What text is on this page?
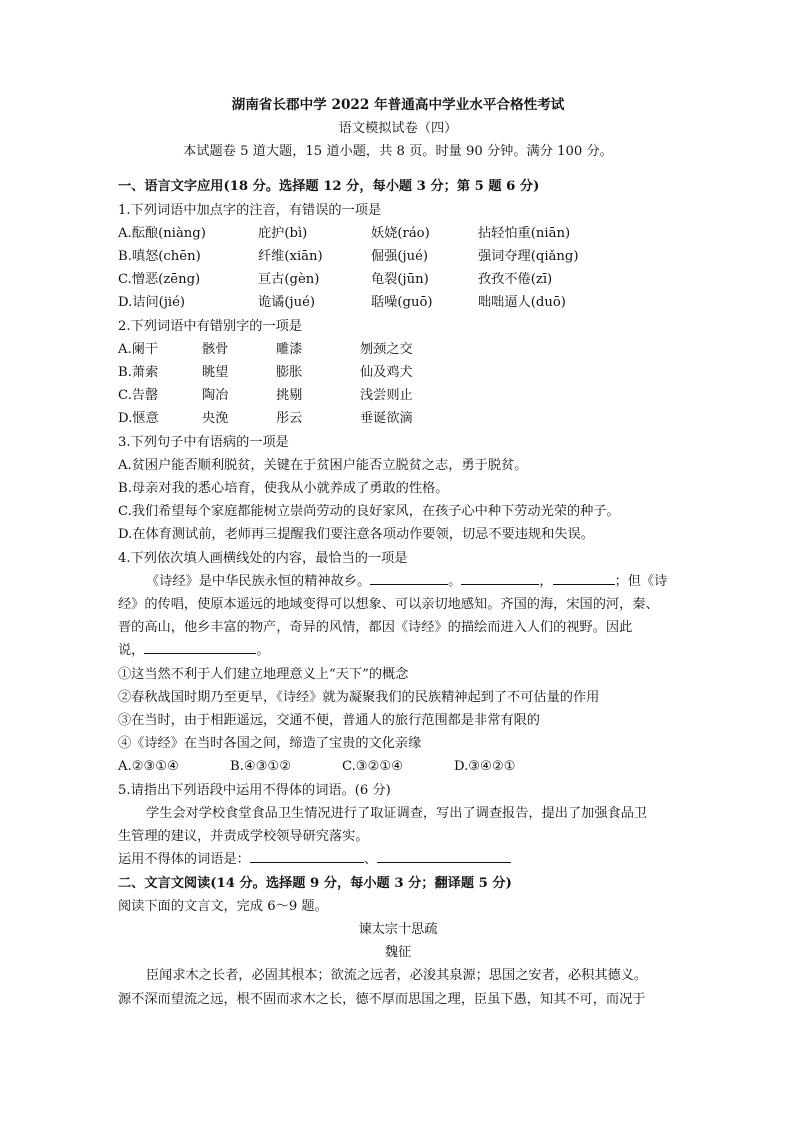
湖南省长郡中学 2022 年普通高中学业水平合格性考试
语文模拟试卷（四）
本试题卷 5 道大题，15 道小题，共 8 页。时量 90 分钟。满分 100 分。
一、语言文字应用(18 分。选择题 12 分，每小题 3 分；第 5 题 6 分)
1.下列词语中加点字的注音，有错误的一项是
A.酝酿(niàng)	庇护(bì)	妖娆(ráo)	拈轻怕重(niān)
B.嗔怒(chēn)	纤维(xiān)	倔强(jué)	强词夺理(qiǎng)
C.憎恶(zēng)	亘古(gèn)	龟裂(jūn)	孜孜不倦(zī)
D.诘问(jié)	诡谲(jué)	聒噪(guō)	咄咄逼人(duō)
2.下列词语中有错别字的一项是
A.阑干	骸骨	雕漆	刎颈之交
B.萧索	眺望	膨胀	仙及鸡犬
C.告罄	陶冶	挑剔	浅尝则止
D.惬意	央浼	彤云	垂诞欲滴
3.下列句子中有语病的一项是
A.贫困户能否顺利脱贫，关键在于贫困户能否立脱贫之志，勇于脱贫。
B.母亲对我的悉心培育，使我从小就养成了勇敢的性格。
C.我们希望每个家庭都能树立崇尚劳动的良好家风，在孩子心中种下劳动光荣的种子。
D.在体育测试前，老师再三提醒我们要注意各项动作要领，切忌不要违规和失误。
4.下列依次填人画横线处的内容，最恰当的一项是
《诗经》是中华民族永恒的精神故乡。	。	，	；但《诗
经》的传唱，使原本遥远的地域变得可以想象、可以亲切地感知。齐国的海，宋国的河，秦、
晋的高山，他乡丰富的物产，奇异的风情，都因《诗经》的描绘而进入人们的视野。因此
说，	。
①这当然不利于人们建立地理意义上“天下”的概念
②春秋战国时期乃至更早，《诗经》就为凝聚我们的民族精神起到了不可估量的作用
③在当时，由于相距遥远，交通不便，普通人的旅行范围都是非常有限的
④《诗经》在当时各国之间，缔造了宝贵的文化亲缘
A.②③①④	B.④③①②	C.③②①④	D.③④②①
5.请指出下列语段中运用不得体的词语。(6 分)
学生会对学校食堂食品卫生情况进行了取证调查，写出了调查报告，提出了加强食品卫
生管理的建议，并责成学校领导研究落实。
运用不得体的词语是：	、
二、文言文阅读(14 分。选择题 9 分，每小题 3 分；翻译题 5 分)
阅读下面的文言文，完成 6～9 题。
谏太宗十思疏
魏征
臣闻求木之长者，必固其根本；欲流之远者，必浚其泉源；思国之安者，必积其德义。
源不深而望流之远，根不固而求木之长，德不厚而思国之理，臣虽下愚，知其不可，而况于
